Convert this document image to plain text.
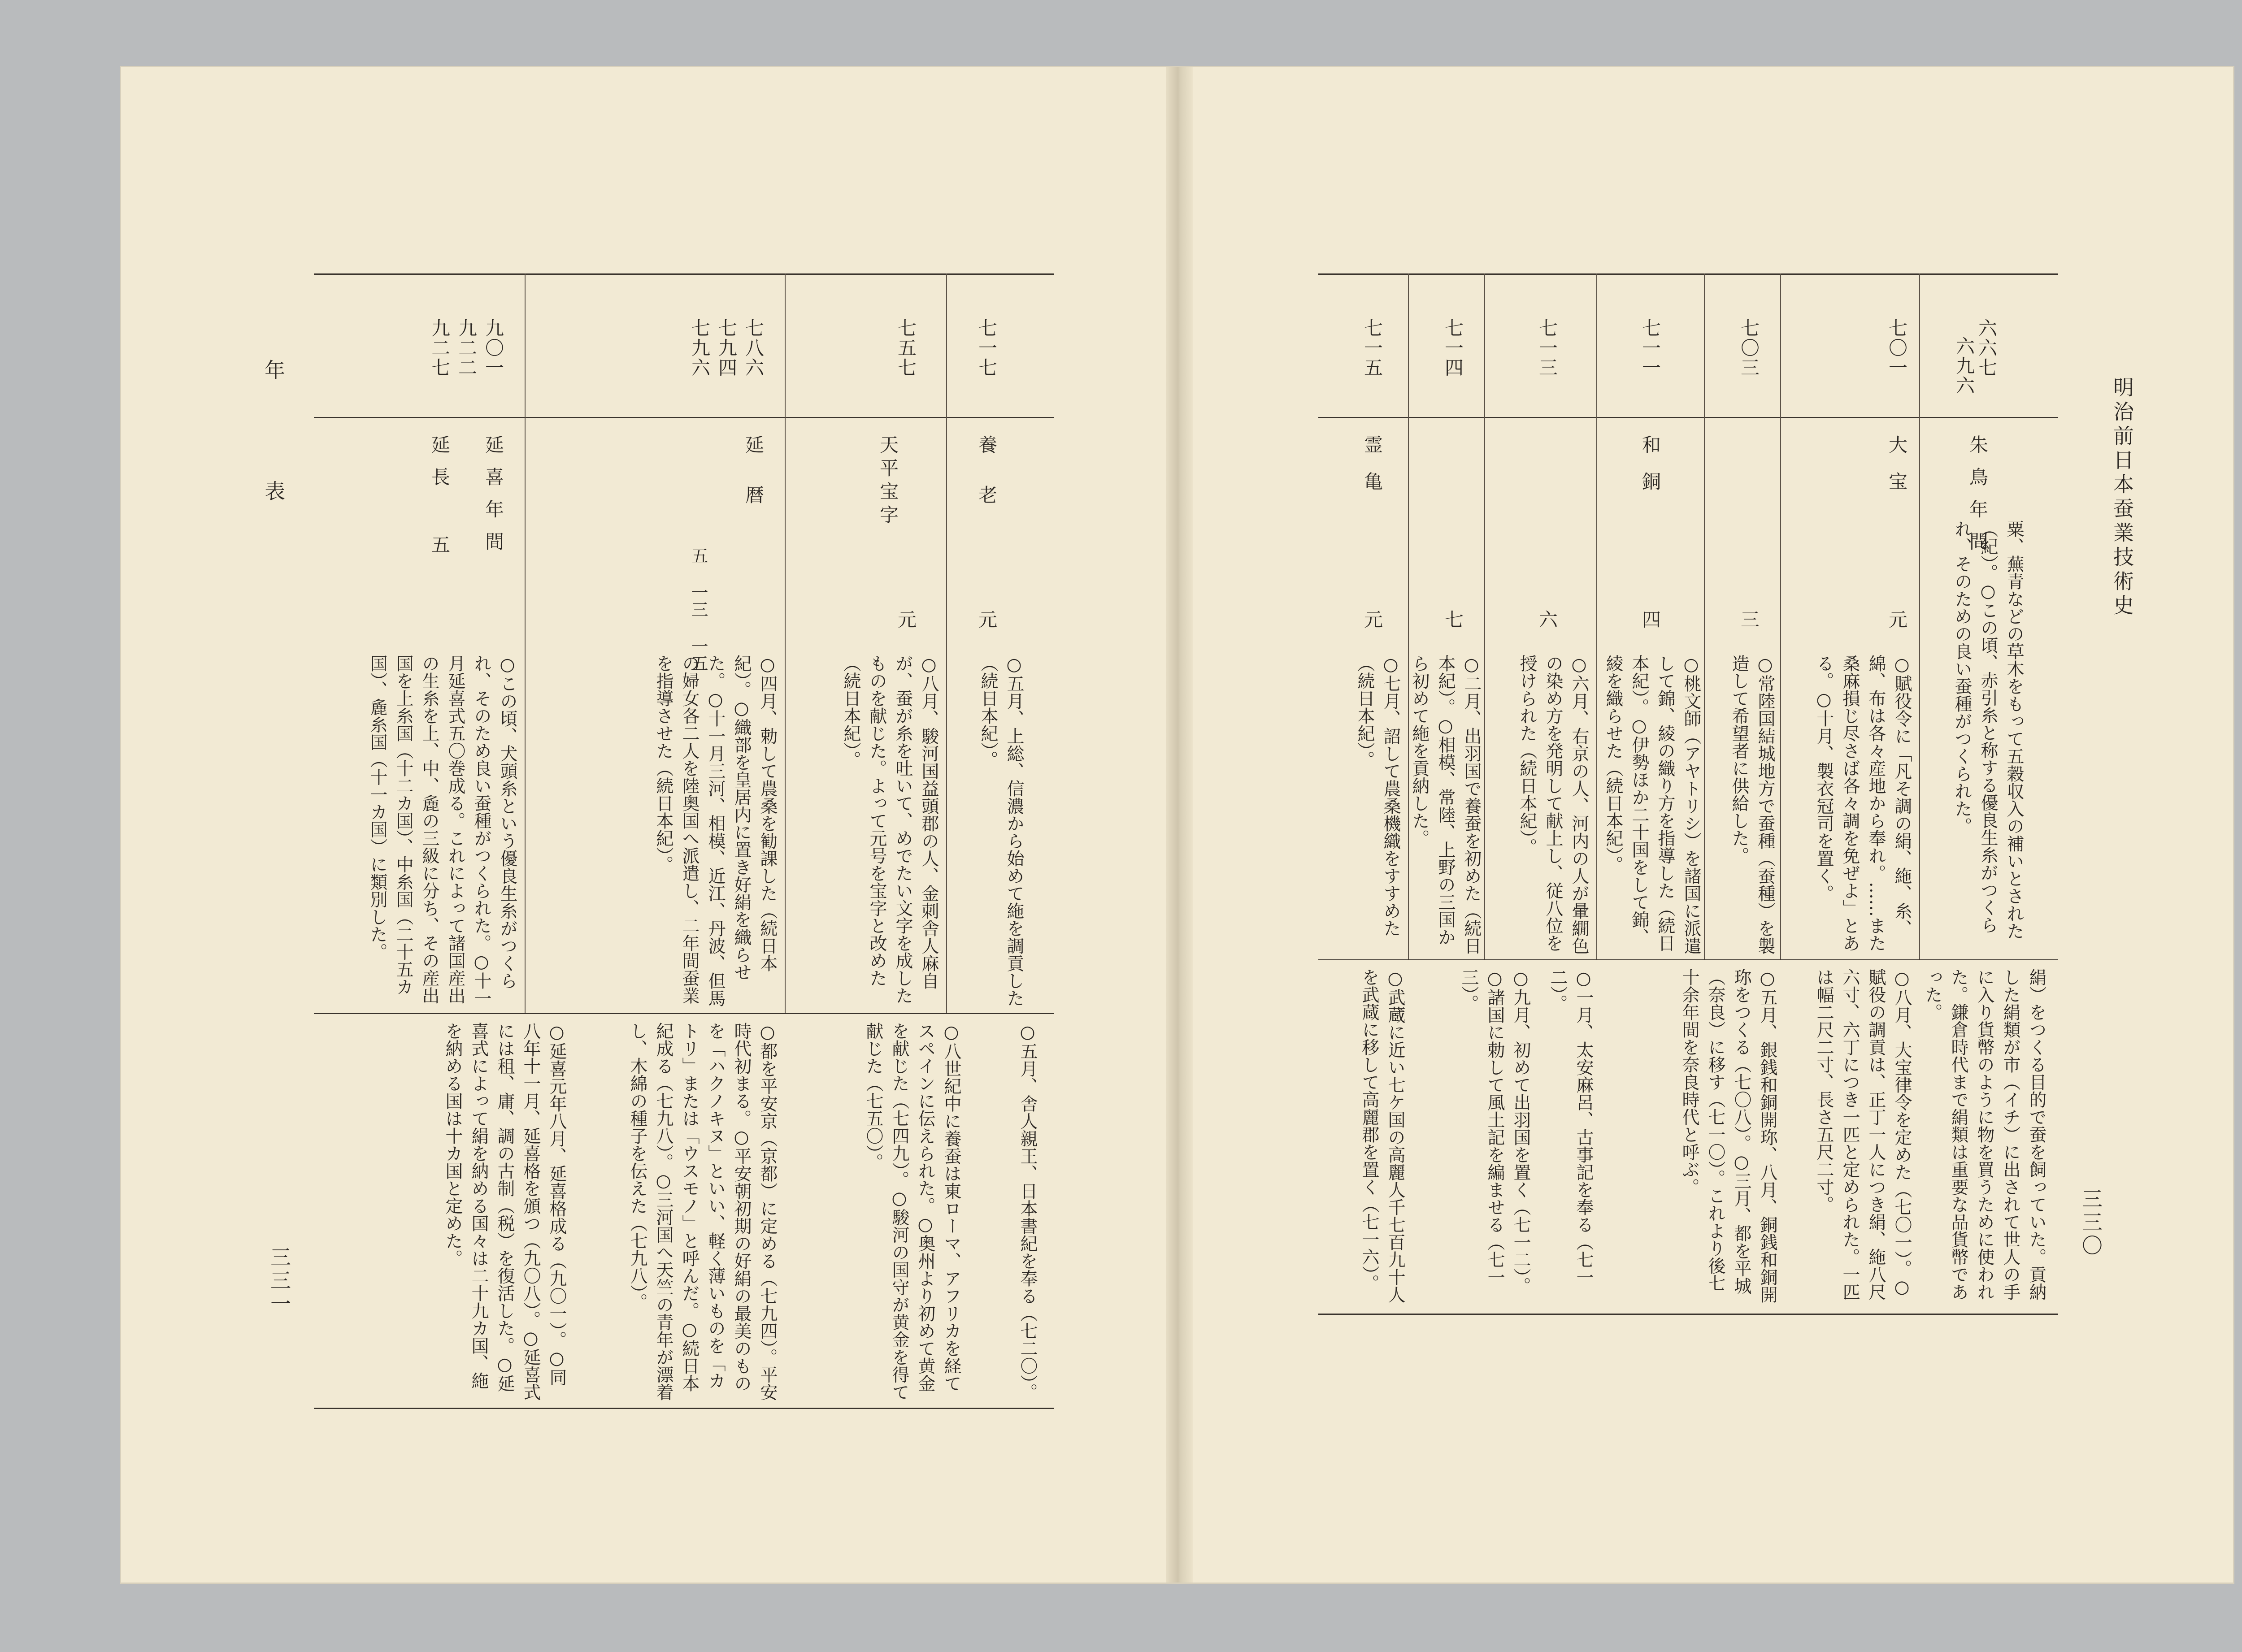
明治前日本蚕業技術史
三三〇
六六七
六九六
朱鳥年間

粟、蕪青などの草木をもって五穀収入の補いとされた（紀）。○この頃、赤引糸と称する優良生糸がつくられ、そのための良い蚕種がつくられた。

絹）をつくる目的で蚕を飼っていた。貢納した絹類が市（イチ）に出されて世人の手に入り貨幣のように物を買うために使われた。鎌倉時代まで絹類は重要な品貨幣であった。

七〇一
大宝
元

○賦役令に「凡そ調の絹、絁、糸、綿、布は各々産地から奉れ。……また桑麻損じ尽さば各々調を免ぜよ」とある。○十月、製衣冠司を置く。

○八月、大宝律令を定めた（七〇一）。○賦役の調貢は、正丁一人につき絹、絁八尺六寸、六丁につき一匹と定められた。一匹は幅二尺二寸、長さ五尺二寸。

七〇三
三

○常陸国結城地方で蚕種（蚕種）を製造して希望者に供給した。

七一一
和銅
四

○桃文師（アヤトリシ）を諸国に派遣して錦、綾の織り方を指導した（続日本紀）。○伊勢ほか二十国をして錦、綾を織らせた（続日本紀）。

○五月、銀銭和銅開珎、八月、銅銭和銅開珎をつくる（七〇八）。○三月、都を平城（奈良）に移す（七一〇）。これより後七十余年間を奈良時代と呼ぶ。

七一三
六

○六月、右京の人、河内の人が暈繝色の染め方を発明して献上し、従八位を授けられた（続日本紀）。

○一月、太安麻呂、古事記を奉る（七一二）。

七一四
七

○二月、出羽国で養蚕を初めた（続日本紀）。○相模、常陸、上野の三国から初めて絁を貢納した。

○九月、初めて出羽国を置く（七一二）。○諸国に勅して風土記を編ませる（七一三）。

七一五
霊亀
元

○七月、詔して農桑機織をすすめた（続日本紀）。

○武蔵に近い七ケ国の高麗人千七百九十人を武蔵に移して高麗郡を置く（七一六）。

三三一
年
表
七一七
養老
元

○五月、上総、信濃から始めて絁を調貢した（続日本紀）。

○五月、舎人親王、日本書紀を奉る（七二〇）。

七五七
天平宝字
元

○八月、駿河国益頭郡の人、金刺舎人麻自が、蚕が糸を吐いて、めでたい文字を成したものを献じた。よって元号を宝字と改めた（続日本紀）。

○八世紀中に養蚕は東ローマ、アフリカを経てスペインに伝えられた。○奥州より初めて黄金を献じた（七四九）。○駿河の国守が黄金を得て献じた（七五〇）。

七八六
七九四
七九六
延暦
五 一三 一五

○四月、勅して農桑を勧課した（続日本紀）。○織部を皇居内に置き好絹を織らせた。○十一月三河、相模、近江、丹波、但馬の婦女各二人を陸奥国へ派遣し、二年間蚕業を指導させた（続日本紀）。

○都を平安京（京都）に定める（七九四）。平安時代初まる。○平安朝初期の好絹の最美のものを「ハクノキヌ」といい、軽く薄いものを「カトリ」または「ウスモノ」と呼んだ。○続日本紀成る（七九八）。○三河国へ天竺の青年が漂着し、木綿の種子を伝えた（七九八）。

九〇一
九二二
九二七
延喜年間
延長 五

○この頃、犬頭糸という優良生糸がつくられ、そのため良い蚕種がつくられた。○十一月延喜式五〇巻成る。これによって諸国産出の生糸を上、中、麁の三級に分ち、その産出国を上糸国（十二カ国）、中糸国（二十五カ国）、麁糸国（十一カ国）に類別した。

○延喜元年八月、延喜格成る（九〇一）。○同八年十一月、延喜格を頒つ（九〇八）。○延喜式には租、庸、調の古制（税）を復活した。○延喜式によって絹を納める国々は二十九カ国、絁を納める国は十カ国と定めた。
